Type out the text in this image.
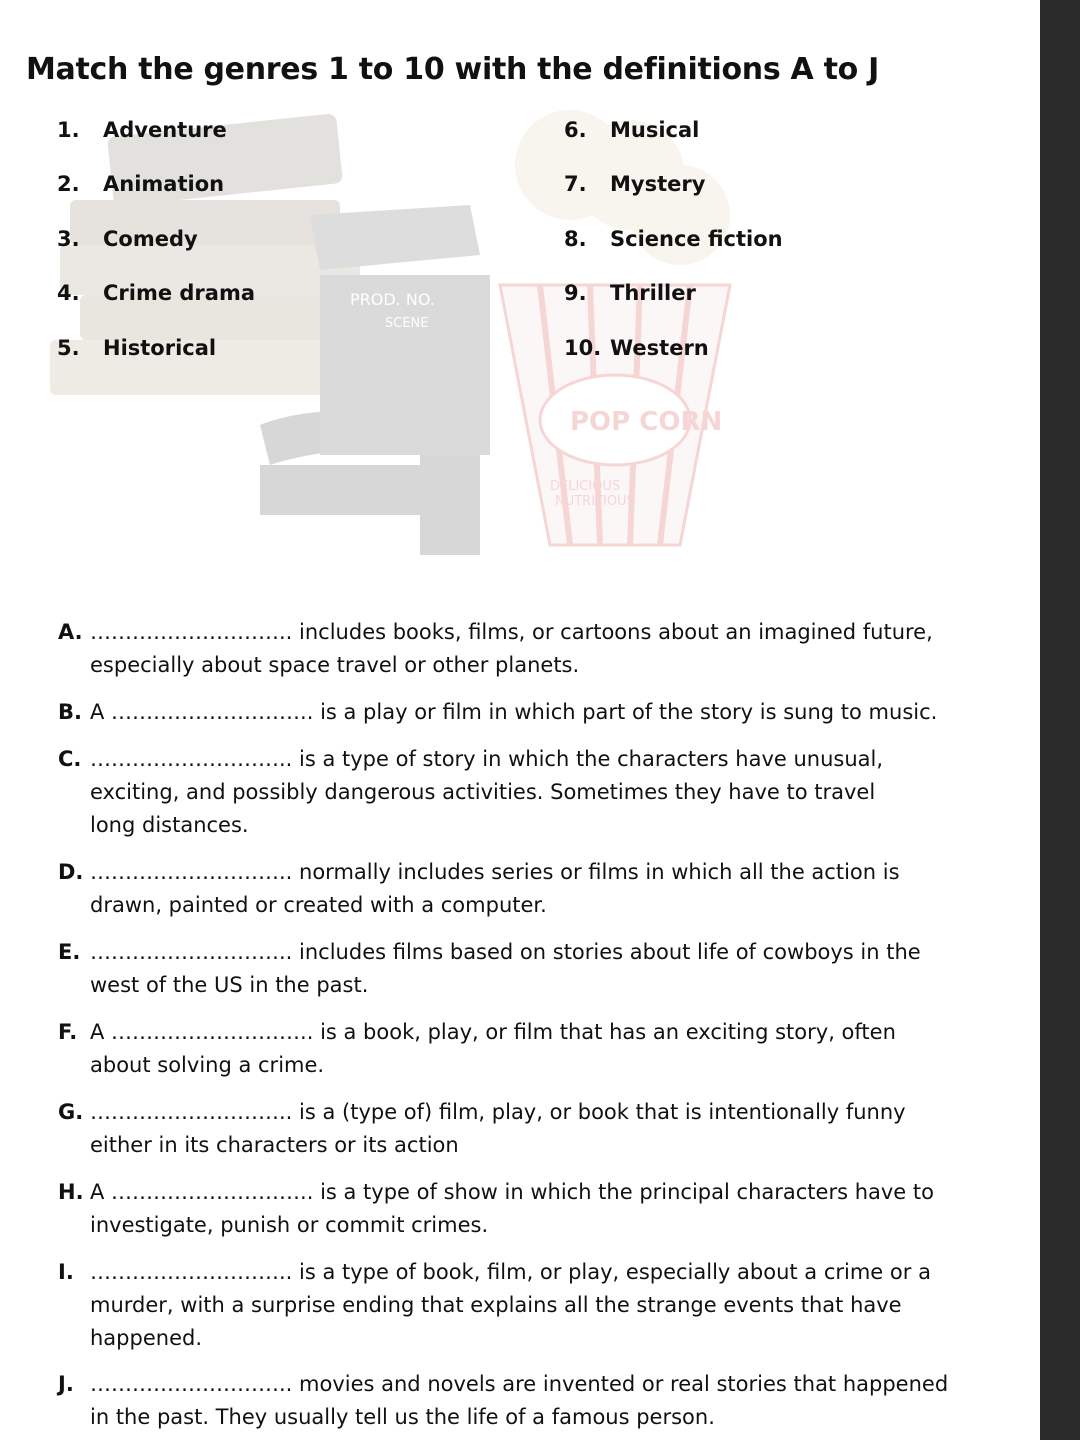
Match the genres 1 to 10 with the definitions A to J
PROD. NO.
SCENE
POP CORN
DELICIOUS
NUTRITIOUS
1.	Adventure
2.	Animation
3.	Comedy
4.	Crime drama
5.	Historical
6.	Musical
7.	Mystery
8.	Science fiction
9.	Thriller
10. Western
A. ……………………….. includes books, films, or cartoons about an imagined future,
especially about space travel or other planets.
B. A ……………………….. is a play or film in which part of the story is sung to music.
C. ……………………….. is a type of story in which the characters have unusual,
exciting, and possibly dangerous activities. Sometimes they have to travel long distances.
D. ……………………….. normally includes series or films in which all the action is
drawn, painted or created with a computer.
E. ……………………….. includes films based on stories about life of cowboys in the
west of the US in the past.
F. A ……………………….. is a book, play, or film that has an exciting story, often
about solving a crime.
G. ……………………….. is a (type of) film, play, or book that is intentionally funny
either in its characters or its action
H. A ……………………….. is a type of show in which the principal characters have to
investigate, punish or commit crimes.
I. ……………………….. is a type of book, film, or play, especially about a crime or a
murder, with a surprise ending that explains all the strange events that have happened.
J. ……………………….. movies and novels are invented or real stories that happened
in the past. They usually tell us the life of a famous person.
